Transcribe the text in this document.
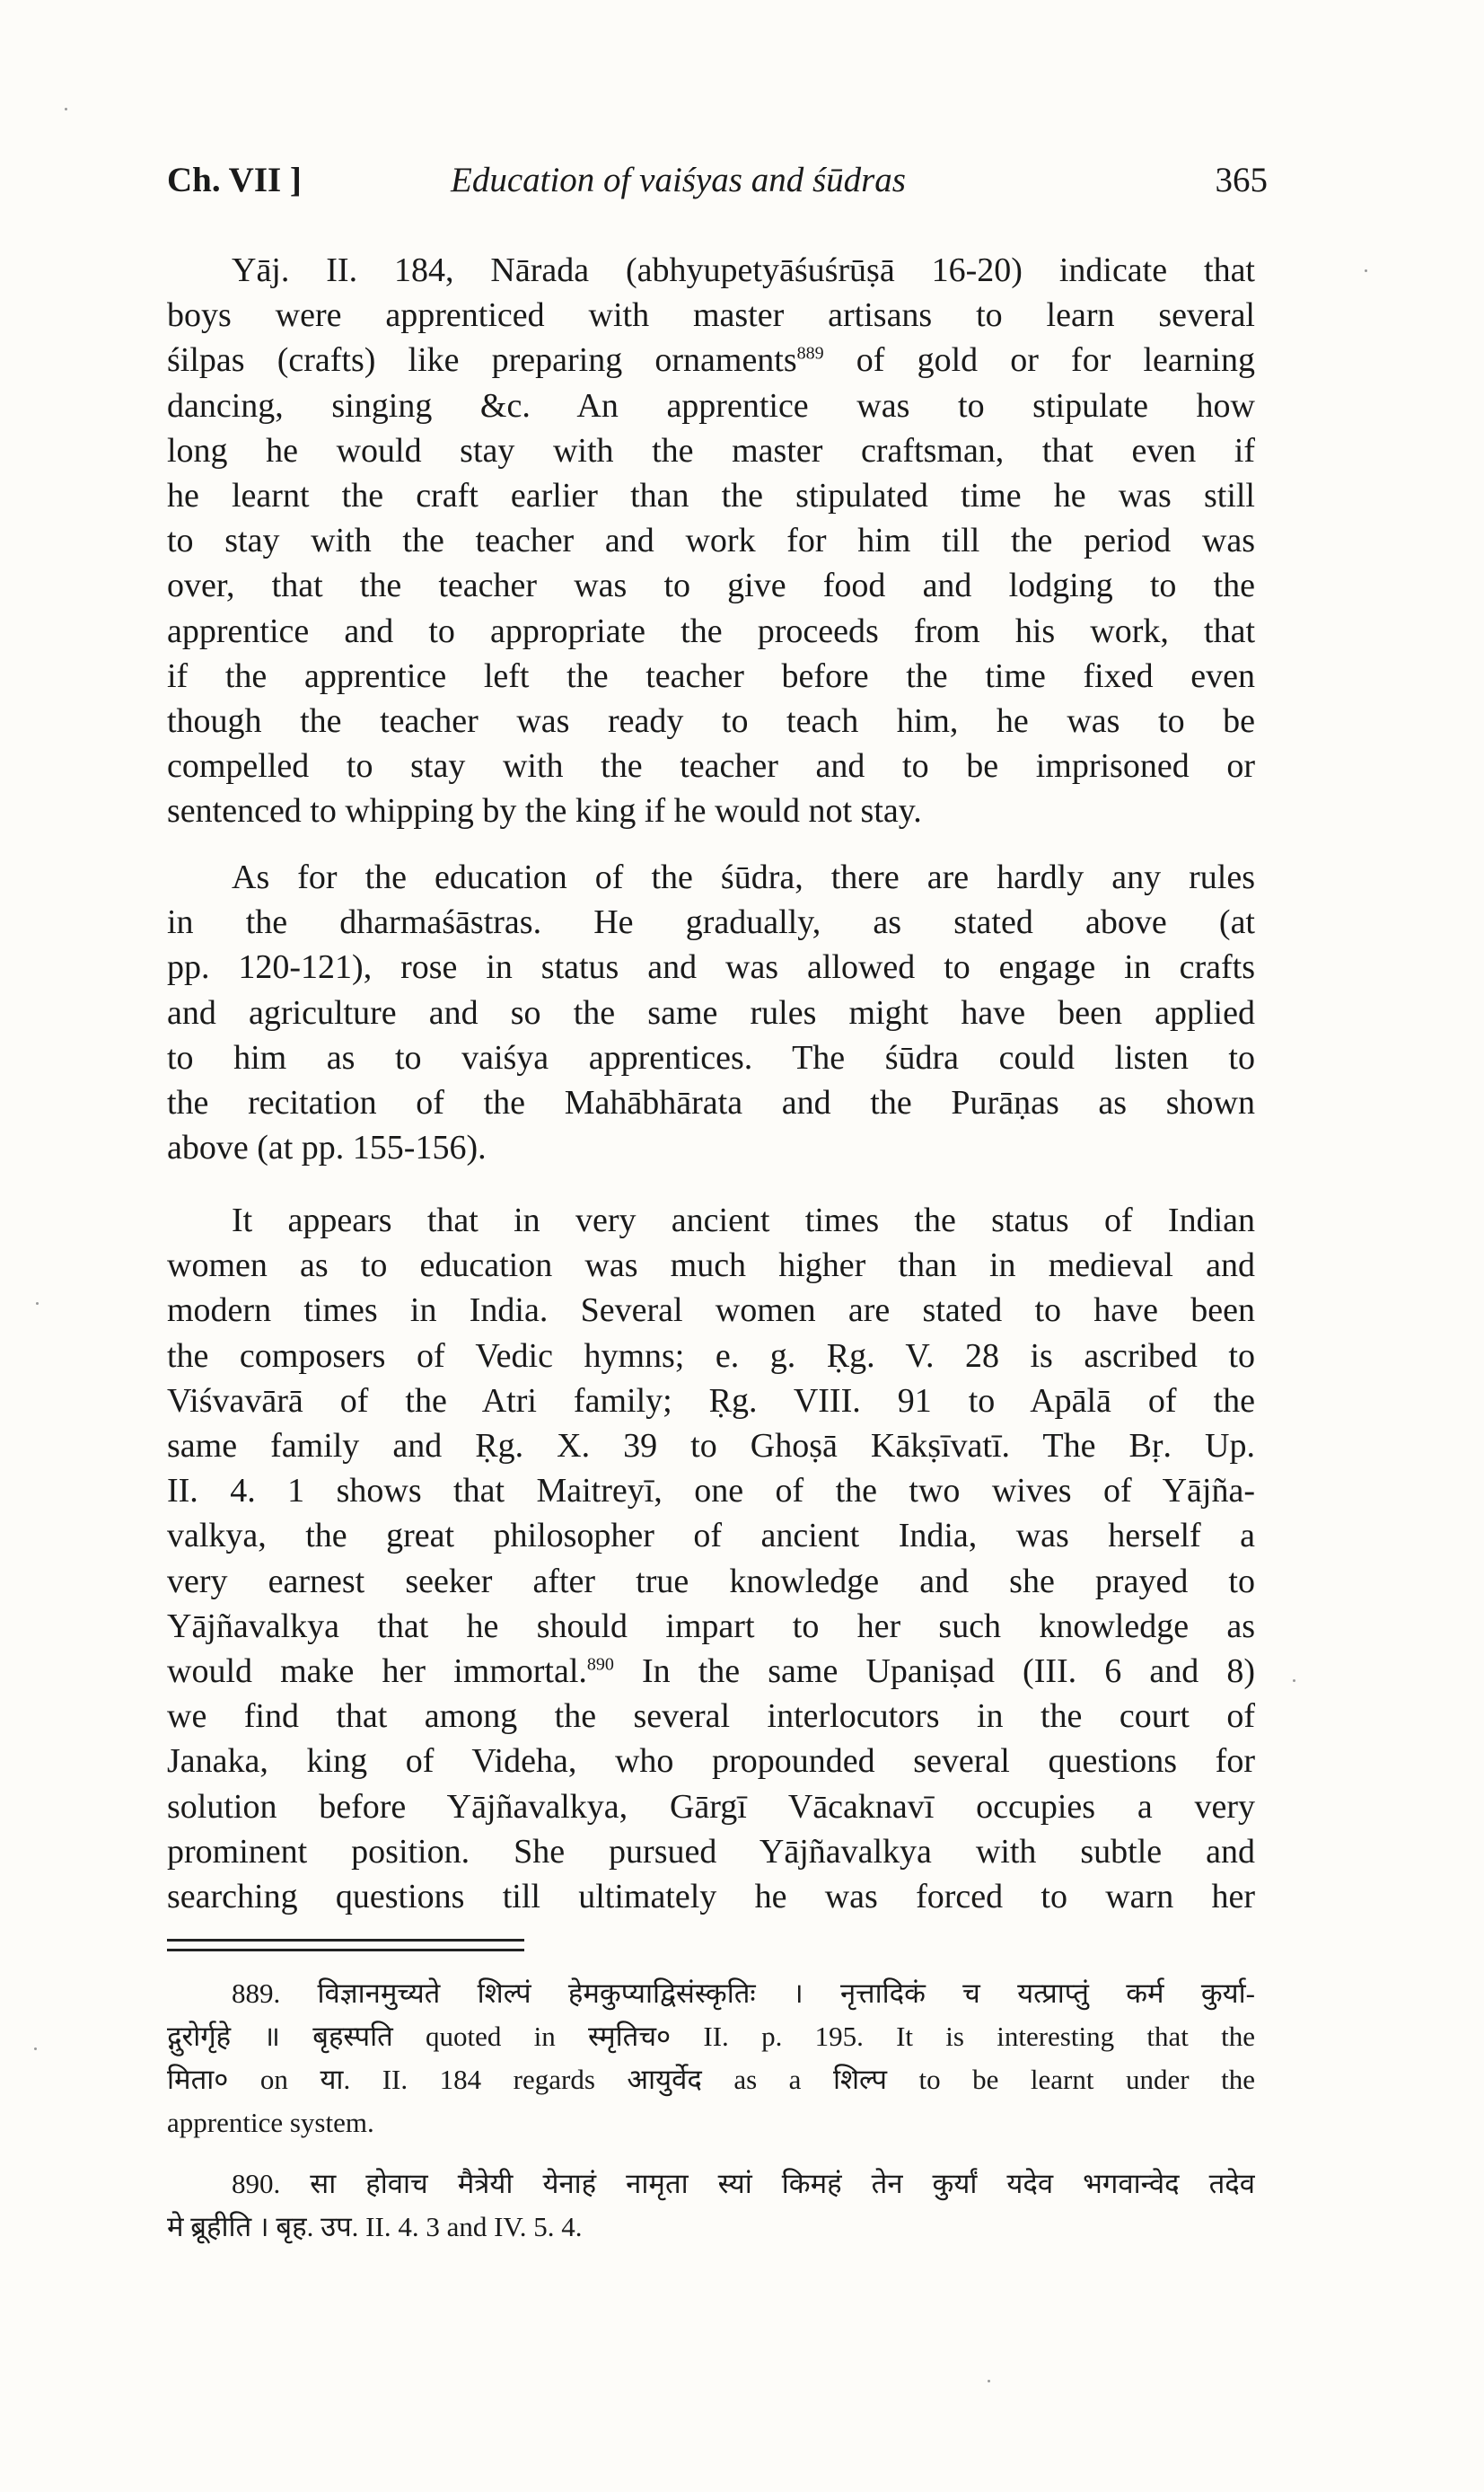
Ch. VII ]	Education of vaiśyas and śūdras	365
Yāj. II. 184, Nārada (abhyupetyāśuśrūṣā 16-20) indicate that
boys were apprenticed with master artisans to learn several
śilpas (crafts) like preparing ornaments$^{889}$ of gold or for learning
dancing, singing &c. An apprentice was to stipulate how
long he would stay with the master craftsman, that even if
he learnt the craft earlier than the stipulated time he was still
to stay with the teacher and work for him till the period was
over, that the teacher was to give food and lodging to the
apprentice and to appropriate the proceeds from his work, that
if the apprentice left the teacher before the time fixed even
though the teacher was ready to teach him, he was to be
compelled to stay with the teacher and to be imprisoned or
sentenced to whipping by the king if he would not stay.
As for the education of the śūdra, there are hardly any rules
in the dharmaśāstras. He gradually, as stated above (at
pp. 120-121), rose in status and was allowed to engage in crafts
and agriculture and so the same rules might have been applied
to him as to vaiśya apprentices. The śūdra could listen to
the recitation of the Mahābhārata and the Purāṇas as shown
above (at pp. 155-156).
It appears that in very ancient times the status of Indian
women as to education was much higher than in medieval and
modern times in India. Several women are stated to have been
the composers of Vedic hymns; e. g. Ṛg. V. 28 is ascribed to
Viśvavārā of the Atri family; Ṛg. VIII. 91 to Apālā of the
same family and Ṛg. X. 39 to Ghoṣā Kākṣīvatī. The Bṛ. Up.
II. 4. 1 shows that Maitreyī, one of the two wives of Yājña-
valkya, the great philosopher of ancient India, was herself a
very earnest seeker after true knowledge and she prayed to
Yājñavalkya that he should impart to her such knowledge as
would make her immortal.$^{890}$ In the same Upaniṣad (III. 6 and 8)
we find that among the several interlocutors in the court of
Janaka, king of Videha, who propounded several questions for
solution before Yājñavalkya, Gārgī Vācaknavī occupies a very
prominent position. She pursued Yājñavalkya with subtle and
searching questions till ultimately he was forced to warn her
889. विज्ञानमुच्यते शिल्पं हेमकुप्याद्विसंस्कृतिः । नृत्तादिकं च यत्प्राप्तुं कर्म कुर्या-
द्गुरोर्गृहे ॥ बृहस्पति quoted in स्मृतिच० II. p. 195. It is interesting that the
मिता० on या. II. 184 regards आयुर्वेद as a शिल्प to be learnt under the
apprentice system.
890. सा होवाच मैत्रेयी येनाहं नामृता स्यां किमहं तेन कुर्यां यदेव भगवान्वेद तदेव
मे ब्रूहीति । बृह. उप. II. 4. 3 and IV. 5. 4.
